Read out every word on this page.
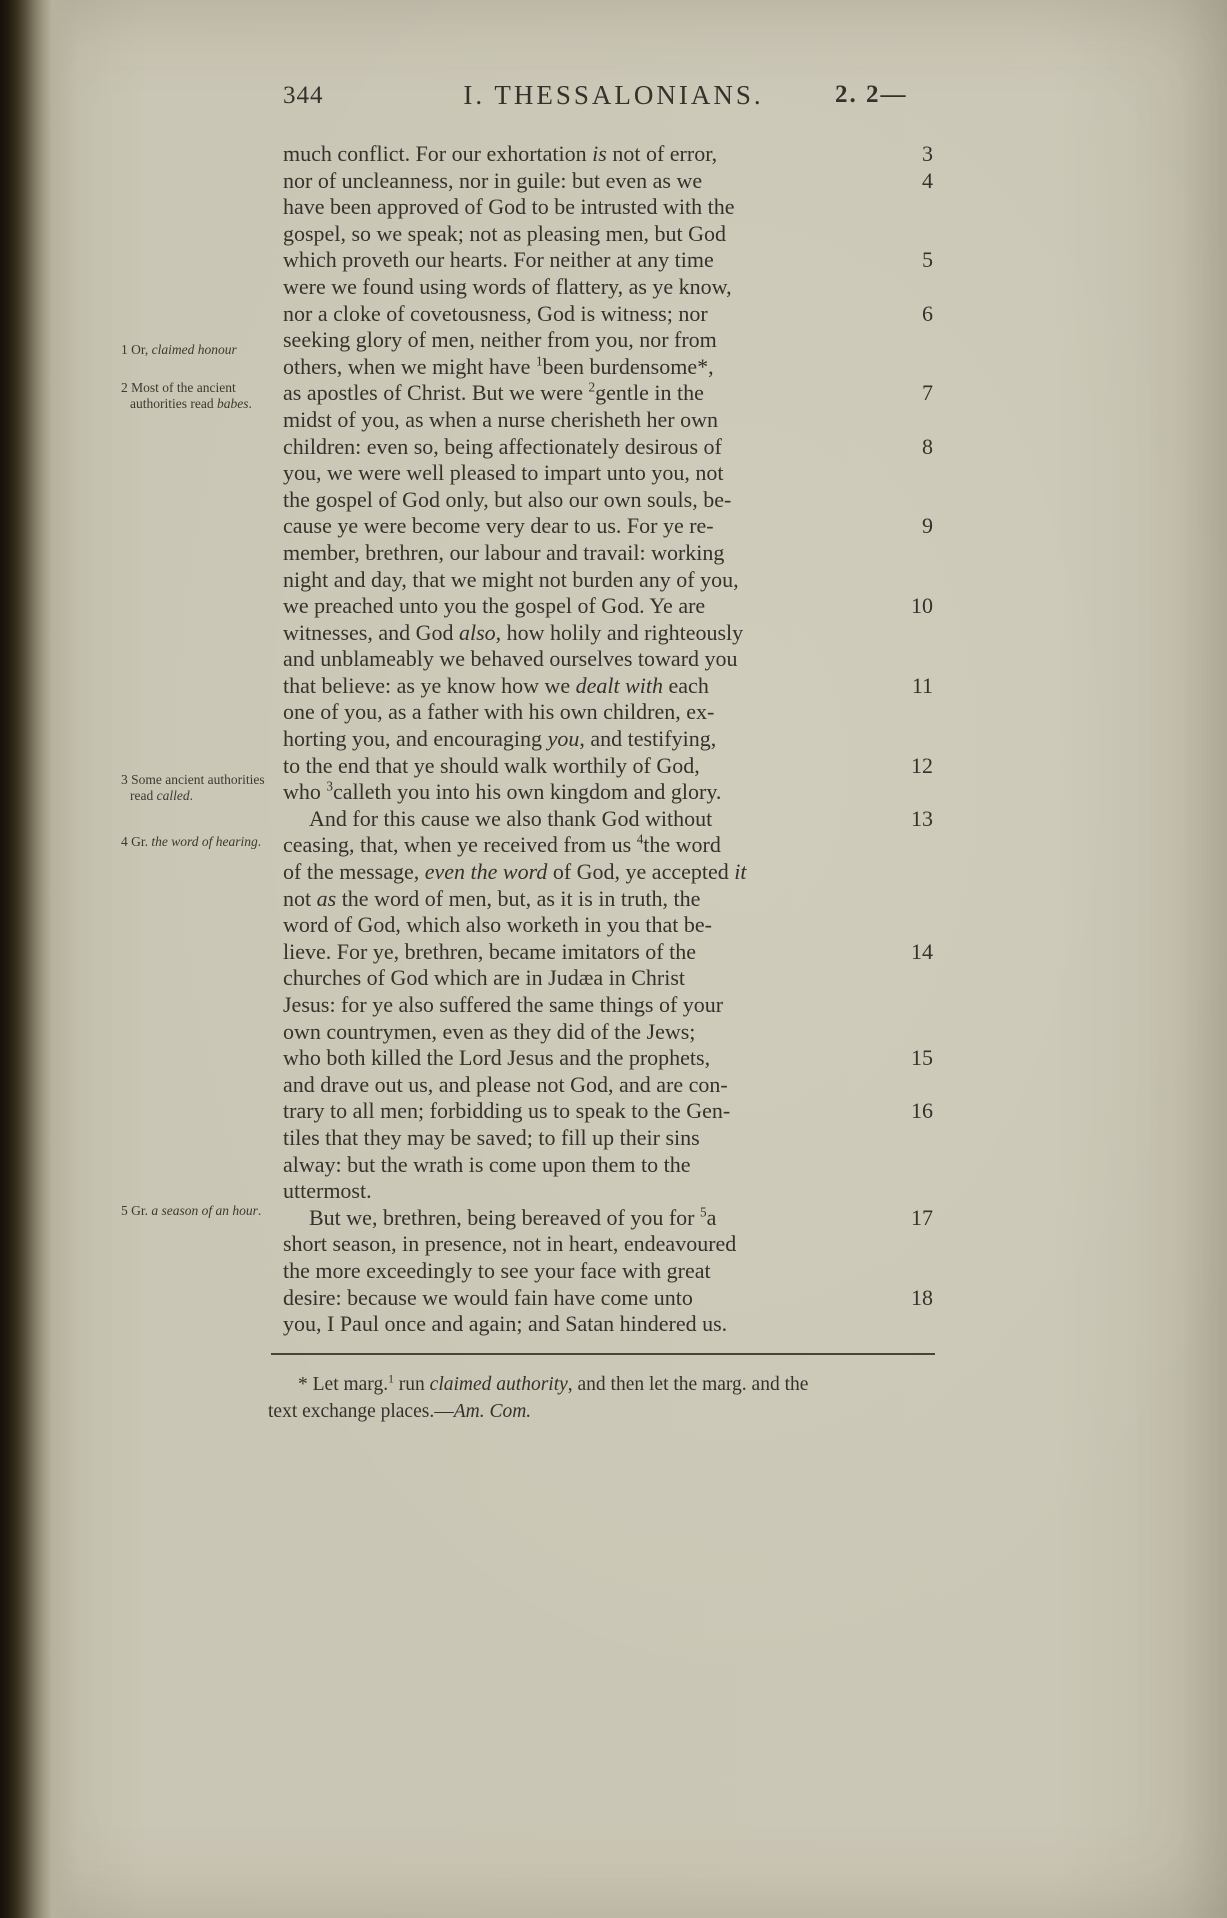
344	I. THESSALONIANS.	2. 2—
1 Or, claimed honour
2 Most of the ancient authorities read babes.
3 Some ancient authorities read called.
4 Gr. the word of hearing.
5 Gr. a season of an hour.
much conflict. For our exhortation is not of error,	3
nor of uncleanness, nor in guile: but even as we	4
have been approved of God to be intrusted with the
gospel, so we speak; not as pleasing men, but God
which proveth our hearts. For neither at any time	5
were we found using words of flattery, as ye know,
nor a cloke of covetousness, God is witness; nor	6
seeking glory of men, neither from you, nor from
others, when we might have $^1$been burdensome*,
as apostles of Christ. But we were $^2$gentle in the	7
midst of you, as when a nurse cherisheth her own
children: even so, being affectionately desirous of	8
you, we were well pleased to impart unto you, not
the gospel of God only, but also our own souls, be-
cause ye were become very dear to us. For ye re-	9
member, brethren, our labour and travail: working
night and day, that we might not burden any of you,
we preached unto you the gospel of God. Ye are	10
witnesses, and God also, how holily and righteously
and unblameably we behaved ourselves toward you
that believe: as ye know how we dealt with each	11
one of you, as a father with his own children, ex-
horting you, and encouraging you, and testifying,
to the end that ye should walk worthily of God,	12
who $^3$calleth you into his own kingdom and glory.
And for this cause we also thank God without	13
ceasing, that, when ye received from us $^4$the word
of the message, even the word of God, ye accepted it
not as the word of men, but, as it is in truth, the
word of God, which also worketh in you that be-
lieve. For ye, brethren, became imitators of the	14
churches of God which are in Judæa in Christ
Jesus: for ye also suffered the same things of your
own countrymen, even as they did of the Jews;
who both killed the Lord Jesus and the prophets,	15
and drave out us, and please not God, and are con-
trary to all men; forbidding us to speak to the Gen-	16
tiles that they may be saved; to fill up their sins
alway: but the wrath is come upon them to the
uttermost.
But we, brethren, being bereaved of you for $^5$a	17
short season, in presence, not in heart, endeavoured
the more exceedingly to see your face with great
desire: because we would fain have come unto	18
you, I Paul once and again; and Satan hindered us.
* Let marg.$^1$ run claimed authority, and then let the marg. and the
text exchange places.—Am. Com.
